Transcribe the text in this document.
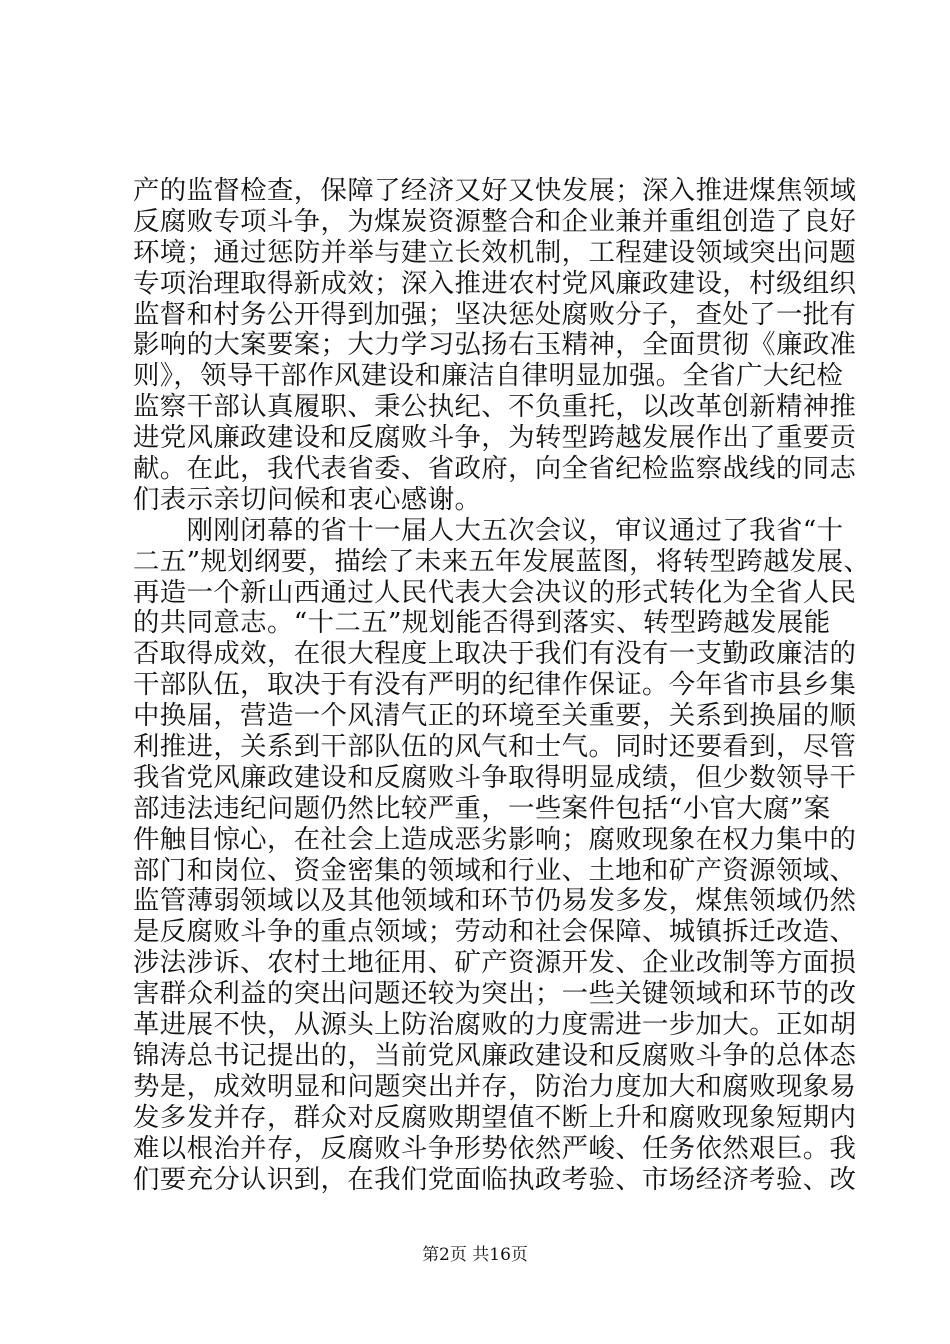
产的监督检查，保障了经济又好又快发展；深入推进煤焦领域
反腐败专项斗争，为煤炭资源整合和企业兼并重组创造了良好
环境；通过惩防并举与建立长效机制，工程建设领域突出问题
专项治理取得新成效；深入推进农村党风廉政建设，村级组织
监督和村务公开得到加强；坚决惩处腐败分子，查处了一批有
影响的大案要案；大力学习弘扬右玉精神，全面贯彻《廉政准
则》，领导干部作风建设和廉洁自律明显加强。全省广大纪检
监察干部认真履职、秉公执纪、不负重托，以改革创新精神推
进党风廉政建设和反腐败斗争，为转型跨越发展作出了重要贡
献。在此，我代表省委、省政府，向全省纪检监察战线的同志
们表示亲切问候和衷心感谢。
　　刚刚闭幕的省十一届人大五次会议，审议通过了我省“十
二五”规划纲要，描绘了未来五年发展蓝图，将转型跨越发展、
再造一个新山西通过人民代表大会决议的形式转化为全省人民
的共同意志。“十二五”规划能否得到落实、转型跨越发展能
否取得成效，在很大程度上取决于我们有没有一支勤政廉洁的
干部队伍，取决于有没有严明的纪律作保证。今年省市县乡集
中换届，营造一个风清气正的环境至关重要，关系到换届的顺
利推进，关系到干部队伍的风气和士气。同时还要看到，尽管
我省党风廉政建设和反腐败斗争取得明显成绩，但少数领导干
部违法违纪问题仍然比较严重，一些案件包括“小官大腐”案
件触目惊心，在社会上造成恶劣影响；腐败现象在权力集中的
部门和岗位、资金密集的领域和行业、土地和矿产资源领域、
监管薄弱领域以及其他领域和环节仍易发多发，煤焦领域仍然
是反腐败斗争的重点领域；劳动和社会保障、城镇拆迁改造、
涉法涉诉、农村土地征用、矿产资源开发、企业改制等方面损
害群众利益的突出问题还较为突出；一些关键领域和环节的改
革进展不快，从源头上防治腐败的力度需进一步加大。正如胡
锦涛总书记提出的，当前党风廉政建设和反腐败斗争的总体态
势是，成效明显和问题突出并存，防治力度加大和腐败现象易
发多发并存，群众对反腐败期望值不断上升和腐败现象短期内
难以根治并存，反腐败斗争形势依然严峻、任务依然艰巨。我
们要充分认识到，在我们党面临执政考验、市场经济考验、改
第2页 共16页
